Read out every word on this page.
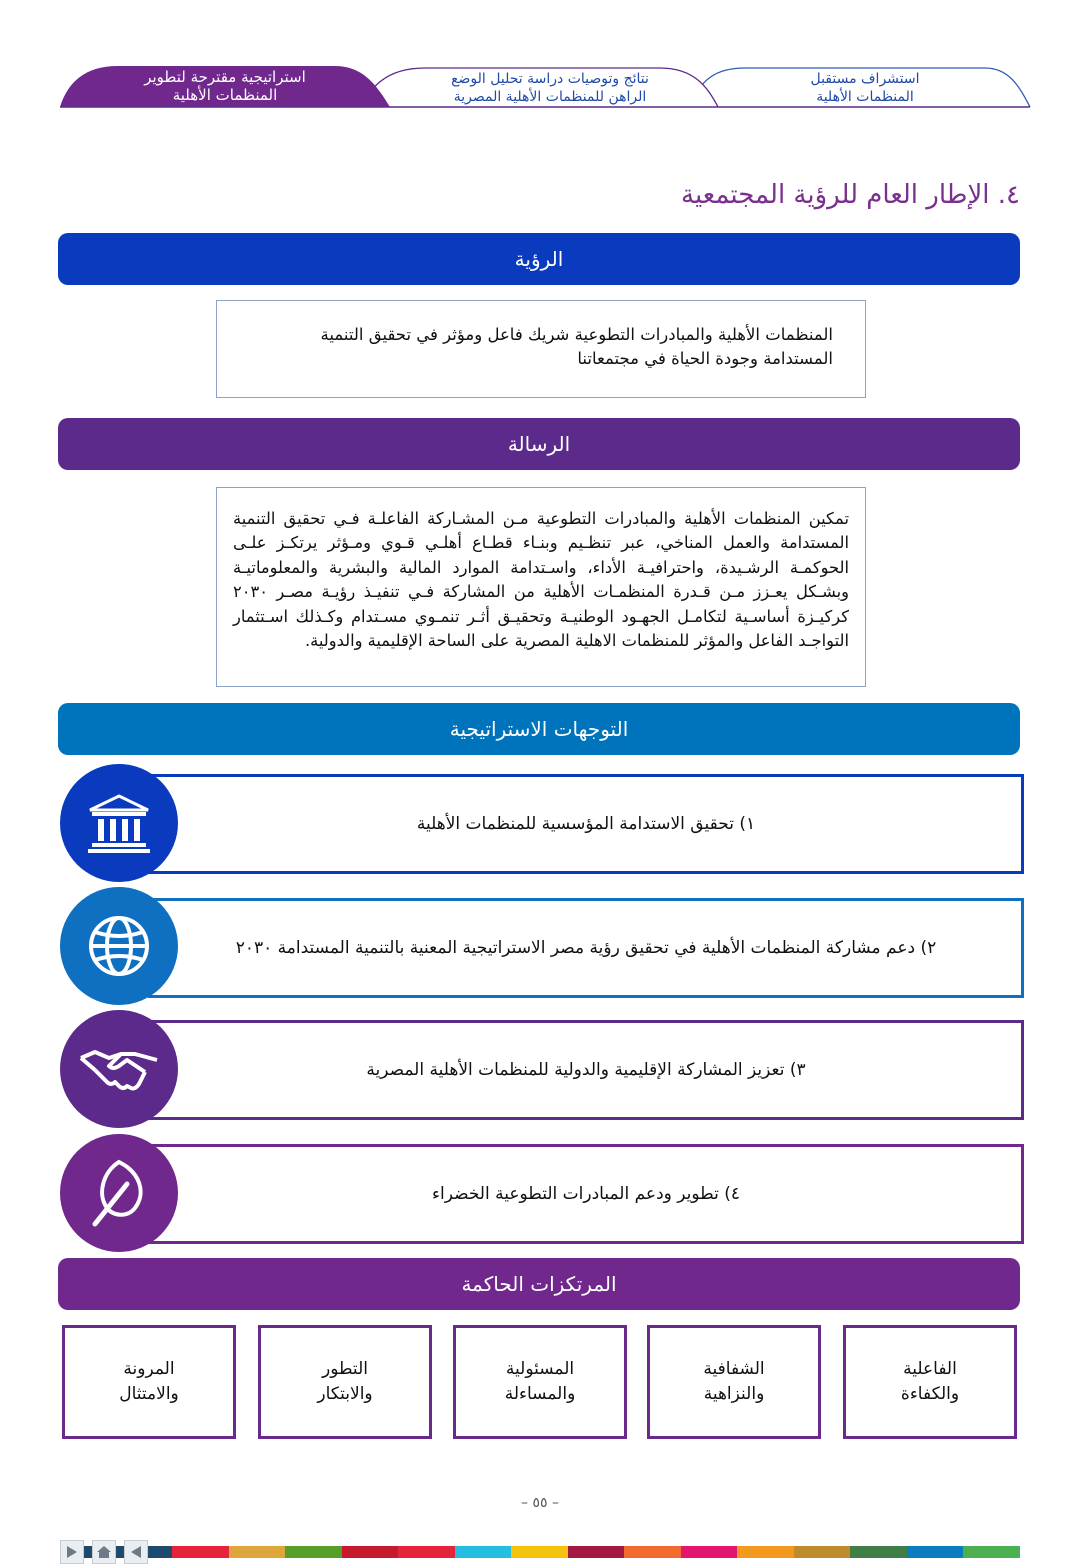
استراتيجية مقترحة لتطوير
المنظمات الأهلية
نتائج وتوصيات دراسة تحليل الوضع
الراهن للمنظمات الأهلية المصرية
استشراف مستقبل
المنظمات الأهلية
٤. الإطار العام للرؤية المجتمعية
الرؤية

المنظمات الأهلية والمبادرات التطوعية شريك فاعل ومؤثر في تحقيق التنمية المستدامة وجودة الحياة في مجتمعاتنا

الرسالة

تمكين المنظمات الأهلية والمبادرات التطوعية مـن المشـاركة الفاعلـة فـي تحقيق التنمية المستدامة والعمل المناخي، عبر تنظـيم وبنـاء قطـاع أهلـي قـوي ومـؤثر يرتكـز علـى الحوكمـة الرشـيدة، واحترافيـة الأداء، واسـتدامة الموارد المالية والبشرية والمعلوماتيـة وبشـكل يعـزز مـن قـدرة المنظمـات الأهلية من المشاركة فـي تنفيـذ رؤيـة مصـر ٢٠٣٠ كركيـزة أساسـية لتكامـل الجهـود الوطنيـة وتحقيـق أثـر تنمـوي مسـتدام وكـذلك اسـتثمار التواجـد الفاعل والمؤثر للمنظمات الاهلية المصرية على الساحة الإقليمية والدولية.

التوجهات الاستراتيجية
١) تحقيق الاستدامة المؤسسية للمنظمات الأهلية
٢) دعم مشاركة المنظمات الأهلية في تحقيق رؤية مصر الاستراتيجية المعنية بالتنمية المستدامة ٢٠٣٠
٣) تعزيز المشاركة الإقليمية والدولية للمنظمات الأهلية المصرية
٤) تطوير ودعم المبادرات التطوعية الخضراء
المرتكزات الحاكمة
الفاعلية
والكفاءة
الشفافية
والنزاهية
المسئولية
والمساءلة
التطور
والابتكار
المرونة
والامتثال
– ٥٥ –
